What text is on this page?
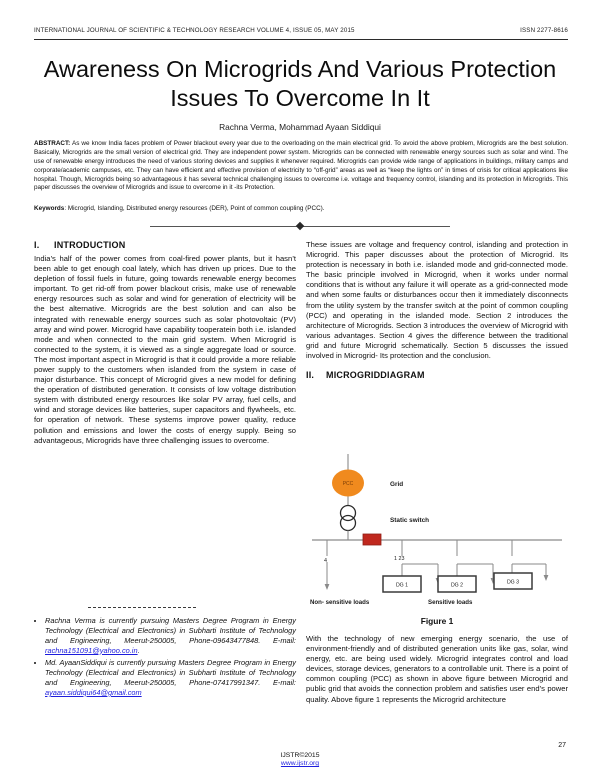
INTERNATIONAL JOURNAL OF SCIENTIFIC & TECHNOLOGY RESEARCH VOLUME 4, ISSUE 05, MAY 2015	ISSN 2277-8616
Awareness On Microgrids And Various Protection Issues To Overcome In It
Rachna Verma, Mohammad Ayaan Siddiqui
ABSTRACT: As we know India faces problem of Power blackout every year due to the overloading on the main electrical grid. To avoid the above problem, Microgrids are the best solution. Basically, Microgrids are the small version of electrical grid. They are independent power system. Microgrids can be connected with renewable energy sources such as solar and wind. The use of renewable energy introduces the need of various storing devices and supplies it whenever required. Microgrids can provide wide range of applications in buildings, military camps and corporate/academic campuses, etc. They can have efficient and effective provision of electricity to “off-grid” areas as well as “keep the lights on” in times of crisis for critical applications like hospital. Though, Microgrids being so advantageous it has several technical challenging issues to overcome i.e. voltage and frequency control, islanding and its protection in Microgrids. This paper discusses the overview of Microgrids and issue to overcome in it -its Protection.
Keywords: Microgrid, Islanding, Distributed energy resources (DER), Point of common coupling (PCC).
I.	INTRODUCTION

India’s half of the power comes from coal-fired power plants, but it hasn’t been able to get enough coal lately, which has driven up prices. Due to the depletion of fossil fuels in future, going towards renewable energy becomes important. To get rid-off from power blackout crisis, make use of renewable energy resources such as solar and wind for generation of electricity will be the best alternative. Microgrids are the best solution and can also be integrated with renewable energy sources such as solar photovoltaic (PV) array and wind power. Microgrid have capability tooperatein both i.e. islanded mode and when connected to the main grid system. When Microgrid is connected to the system, it is viewed as a single aggregate load or source. The most important aspect in Microgrid is that it could provide a more reliable power supply to the customers when islanded from the system in case of major disturbance. This concept of Microgrid gives a new model for defining the operation of distributed generation. It consists of low voltage distribution system with distributed energy resources like solar PV array, fuel cells, and wind and storage devices like batteries, super capacitors and flywheels, etc. for operation of network. These systems improve power quality, reduce pollution and emissions and lower the costs of energy supply. Being so advantageous, Microgrids have three challenging issues to overcome.

These issues are voltage and frequency control, islanding and protection in Microgrid. This paper discusses about the protection of Microgrid. Its protection is necessary in both i.e. islanded mode and grid-connected mode. The basic principle involved in Microgrid, when it works under normal conditions that is without any failure it will operate as a grid-connected mode and when some faults or disturbances occur then it immediately disconnects from the utility system by the transfer switch at the point of common coupling (PCC) and operating in the islanded mode. Section 2 introduces the architecture of Microgrids. Section 3 introduces the overview of Microgrid with various advantages. Section 4 gives the difference between the traditional grid and future Microgrid schematically. Section 5 discusses the issued involved in Microgrid- Its protection and the conclusion.

II.	MICROGRIDDIAGRAM
PCC
DG 1	DG 2	DG 3
Grid
Static switch
4	1 23
Non- sensitive loads	Sensitive loads
Figure 1
With the technology of new emerging energy scenario, the use of environment-friendly and of distributed generation units like gas, solar, wind energy, etc. are being used widely. Microgrid integrates control and load devices, storage devices, generators to a controllable unit. There is a point of common coupling (PCC) as shown in above figure between Microgrid and public grid that avoids the connection problem and satisfies user end’s power quality. Above figure 1 represents the Microgrid architecture
• Rachna Verma is currently pursuing Masters Degree Program in Energy Technology (Electrical and Electronics) in Subharti Institute of Technology and Engineering, Meerut-250005, Phone-09643477848. E-mail: rachna151091@yahoo.co.in.
• Md. AyaanSiddiqui is currently pursuing Masters Degree Program in Energy Technology (Electrical and Electronics) in Subharti Institute of Technology and Engineering, Meerut-250005, Phone-07417991347. E-mail: ayaan.siddiqui64@gmail.com
27
IJSTR©2015
www.ijstr.org
